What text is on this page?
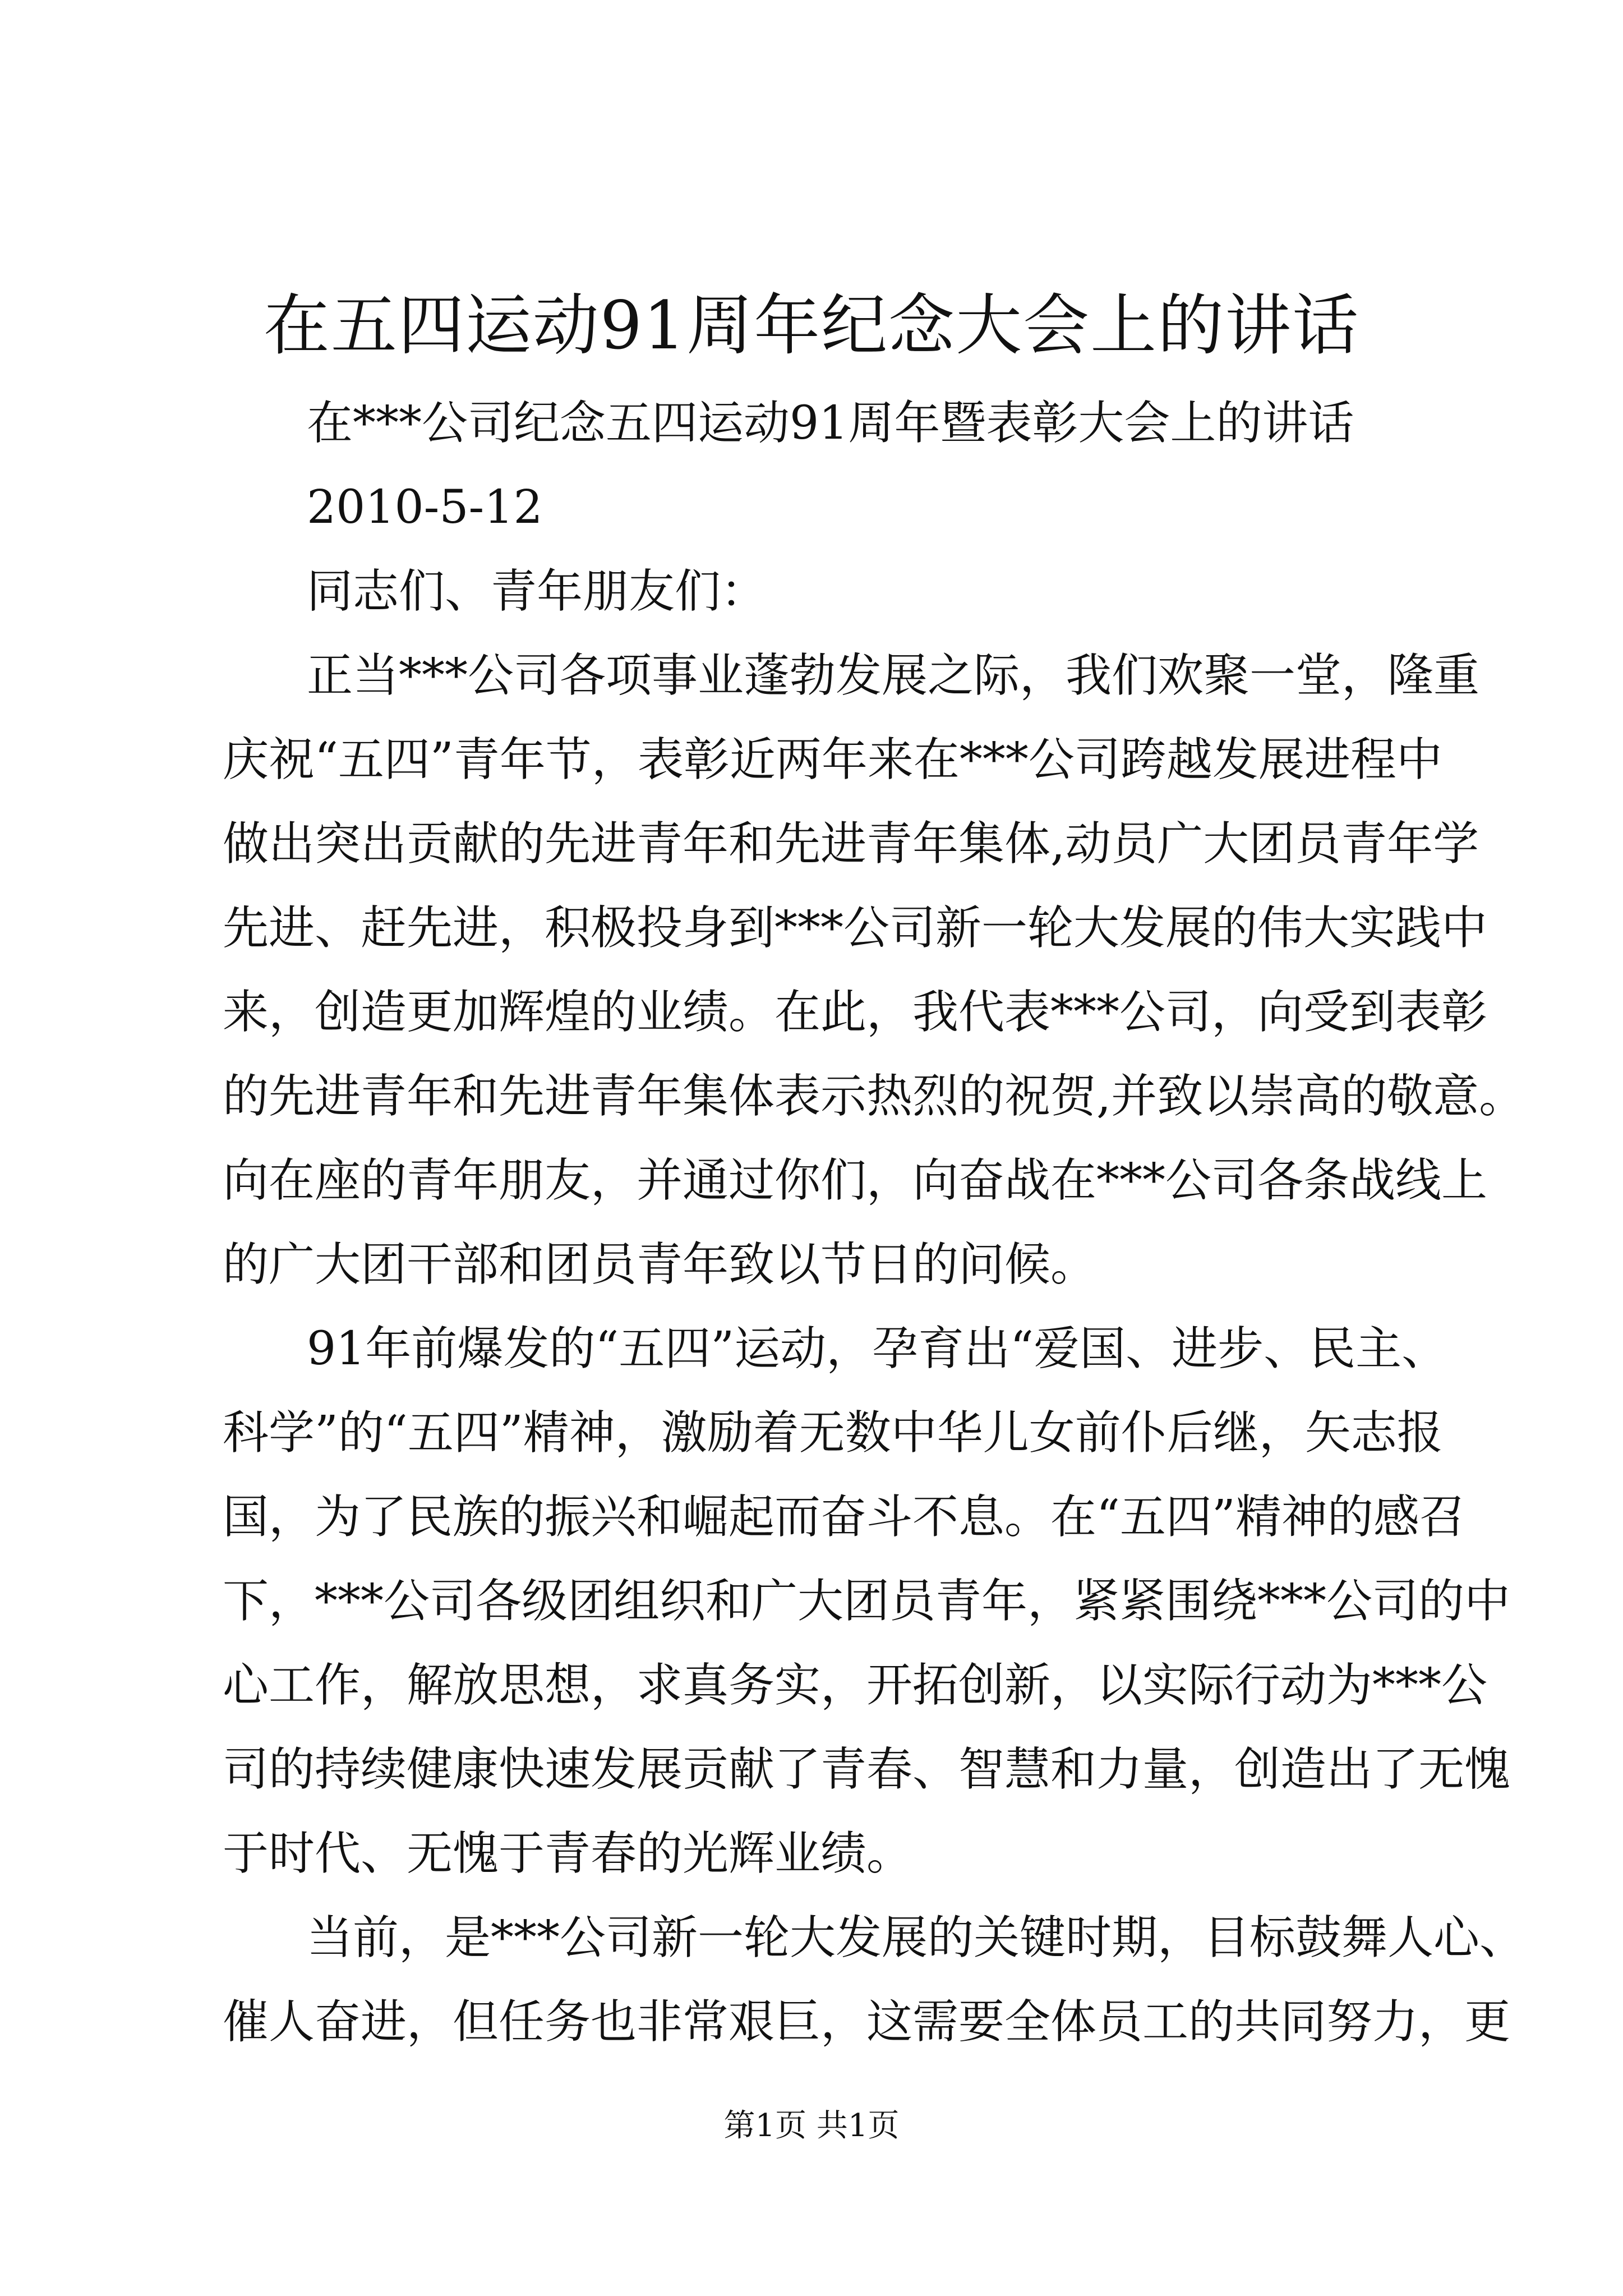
在五四运动91周年纪念大会上的讲话

在***公司纪念五四运动91周年暨表彰大会上的讲话

2010-5-12

同志们、青年朋友们：

正当***公司各项事业蓬勃发展之际，我们欢聚一堂，隆重

庆祝“五四”青年节，表彰近两年来在***公司跨越发展进程中

做出突出贡献的先进青年和先进青年集体,动员广大团员青年学

先进、赶先进，积极投身到***公司新一轮大发展的伟大实践中

来，创造更加辉煌的业绩。在此，我代表***公司，向受到表彰

的先进青年和先进青年集体表示热烈的祝贺,并致以崇高的敬意。

向在座的青年朋友，并通过你们，向奋战在***公司各条战线上

的广大团干部和团员青年致以节日的问候。

91年前爆发的“五四”运动，孕育出“爱国、进步、民主、

科学”的“五四”精神，激励着无数中华儿女前仆后继，矢志报

国，为了民族的振兴和崛起而奋斗不息。在“五四”精神的感召

下，***公司各级团组织和广大团员青年，紧紧围绕***公司的中

心工作，解放思想，求真务实，开拓创新，以实际行动为***公

司的持续健康快速发展贡献了青春、智慧和力量，创造出了无愧

于时代、无愧于青春的光辉业绩。

当前，是***公司新一轮大发展的关键时期，目标鼓舞人心、

催人奋进，但任务也非常艰巨，这需要全体员工的共同努力，更

第1页 共1页
